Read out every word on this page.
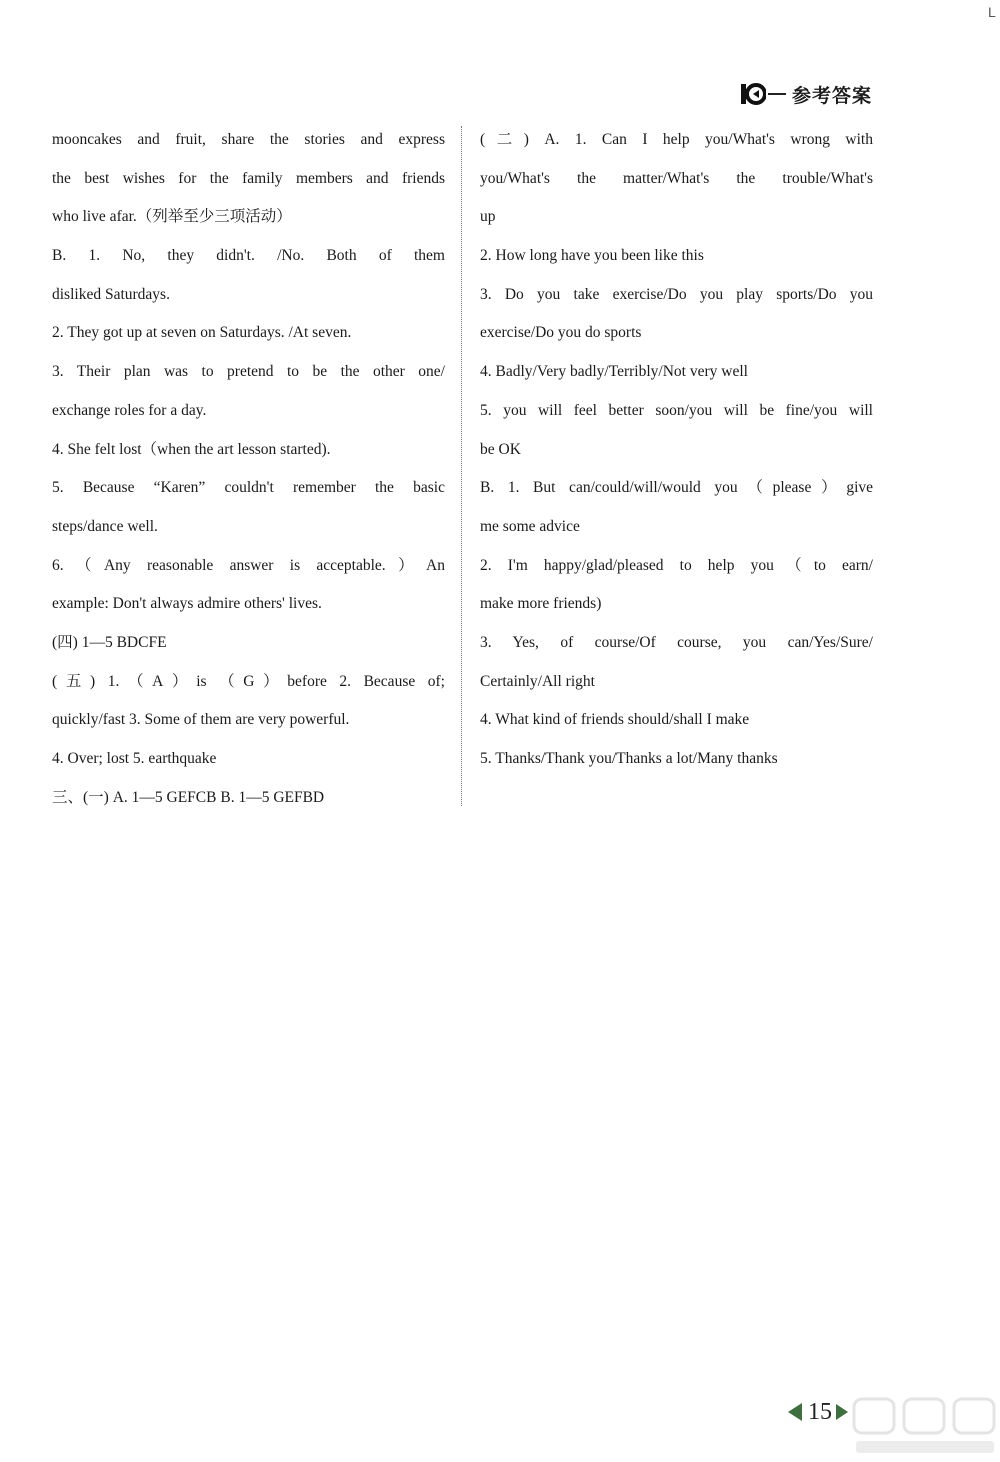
L
参考答案
mooncakes and fruit, share the stories and express
the best wishes for the family members and friends
who live afar.（列举至少三项活动）
B. 1. No, they didn't. /No. Both of them
disliked Saturdays.
2. They got up at seven on Saturdays. /At seven.
3. Their plan was to pretend to be the other one/
exchange roles for a day.
4. She felt lost（when the art lesson started).
5. Because “Karen” couldn't remember the basic
steps/dance well.
6.（Any reasonable answer is acceptable.）An
example: Don't always admire others' lives.
(四) 1—5 BDCFE
(五) 1.（A）is （G）before 2. Because of;
quickly/fast 3. Some of them are very powerful.
4. Over; lost 5. earthquake
三、(一) A. 1—5 GEFCB B. 1—5 GEFBD
(二) A. 1. Can I help you/What's wrong with
you/What's the matter/What's the trouble/What's
up
2. How long have you been like this
3. Do you take exercise/Do you play sports/Do you
exercise/Do you do sports
4. Badly/Very badly/Terribly/Not very well
5. you will feel better soon/you will be fine/you will
be OK
B. 1. But can/could/will/would you（please）give
me some advice
2. I'm happy/glad/pleased to help you（to earn/
make more friends)
3. Yes, of course/Of course, you can/Yes/Sure/
Certainly/All right
4. What kind of friends should/shall I make
5. Thanks/Thank you/Thanks a lot/Many thanks
15
